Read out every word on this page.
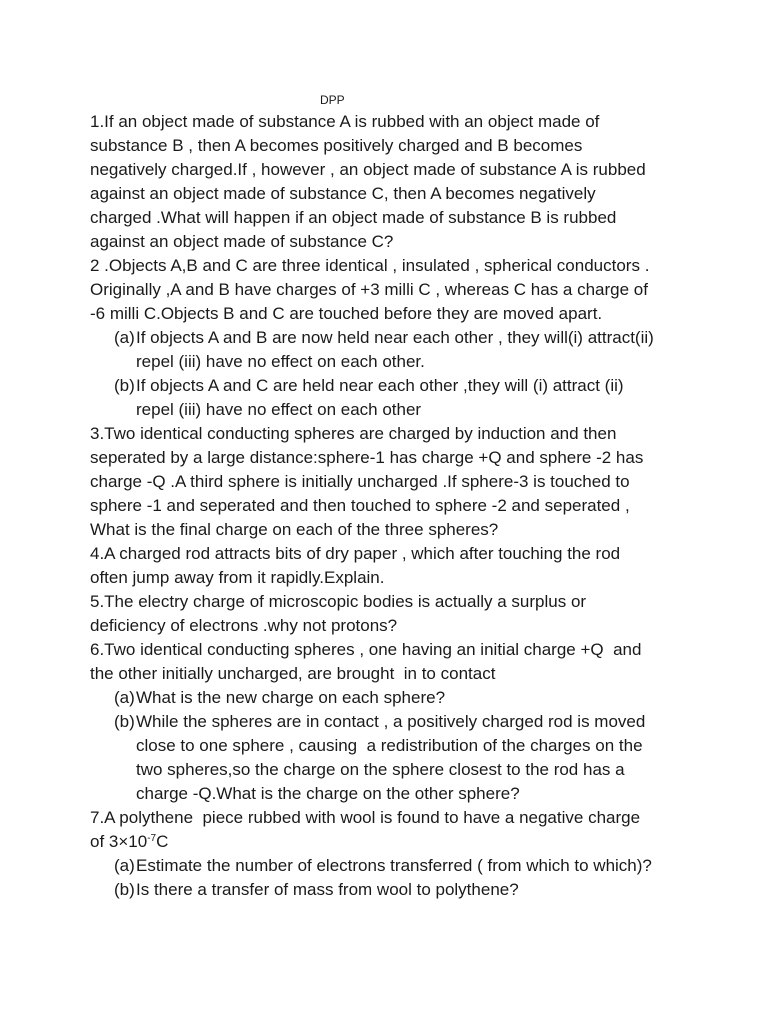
DPP
1.If an object made of substance A is rubbed with an object made of
substance B , then A becomes positively charged and B becomes
negatively charged.If , however , an object made of substance A is rubbed
against an object made of substance C, then A becomes negatively
charged .What will happen if an object made of substance B is rubbed
against an object made of substance C?
2 .Objects A,B and C are three identical , insulated , spherical conductors .
Originally ,A and B have charges of +3 milli C , whereas C has a charge of
-6 milli C.Objects B and C are touched before they are moved apart.
(a)If objects A and B are now held near each other , they will(i) attract(ii)
repel (iii) have no effect on each other.
(b)If objects A and C are held near each other ,they will (i) attract (ii)
repel (iii) have no effect on each other
3.Two identical conducting spheres are charged by induction and then
seperated by a large distance:sphere-1 has charge +Q and sphere -2 has
charge -Q .A third sphere is initially uncharged .If sphere-3 is touched to
sphere -1 and seperated and then touched to sphere -2 and seperated ,
What is the final charge on each of the three spheres?
4.A charged rod attracts bits of dry paper , which after touching the rod
often jump away from it rapidly.Explain.
5.The electry charge of microscopic bodies is actually a surplus or
deficiency of electrons .why not protons?
6.Two identical conducting spheres , one having an initial charge +Q  and
the other initially uncharged, are brought  in to contact
(a)What is the new charge on each sphere?
(b)While the spheres are in contact , a positively charged rod is moved
close to one sphere , causing  a redistribution of the charges on the
two spheres,so the charge on the sphere closest to the rod has a
charge -Q.What is the charge on the other sphere?
7.A polythene  piece rubbed with wool is found to have a negative charge
of $3\times 10^{-7}C$
(a)Estimate the number of electrons transferred ( from which to which)?
(b)Is there a transfer of mass from wool to polythene?
